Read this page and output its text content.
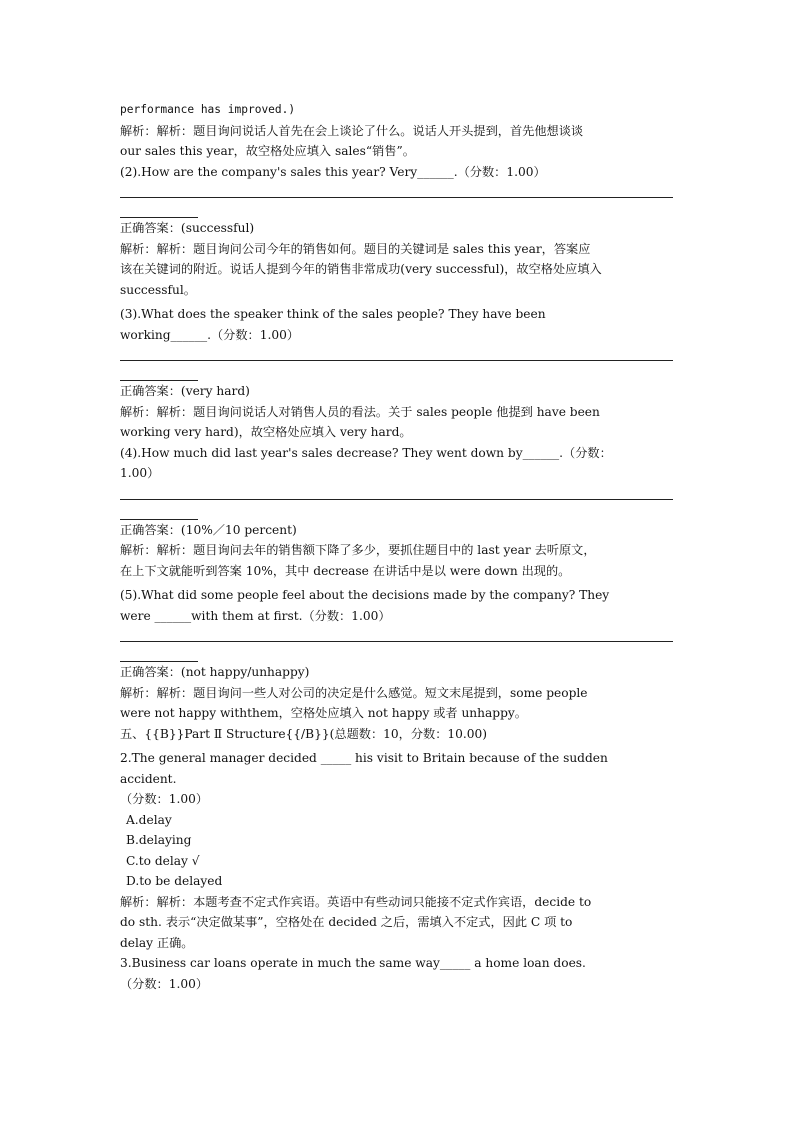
performance has improved.)
解析：解析：题目询问说话人首先在会上谈论了什么。说话人开头提到，首先他想谈谈
our sales this year，故空格处应填入 sales“销售”。
(2).How are the company's sales this year? Very______.（分数：1.00）
正确答案：(successful)
解析：解析：题目询问公司今年的销售如何。题目的关键词是 sales this year，答案应
该在关键词的附近。说话人提到今年的销售非常成功(very successful)，故空格处应填入
successful。
(3).What does the speaker think of the sales people? They have been
working______.（分数：1.00）
正确答案：(very hard)
解析：解析：题目询问说话人对销售人员的看法。关于 sales people 他提到 have been
working very hard)，故空格处应填入 very hard。
(4).How much did last year's sales decrease? They went down by______.（分数：
1.00）
正确答案：(10%／10 percent)
解析：解析：题目询问去年的销售额下降了多少，要抓住题目中的 last year 去听原文，
在上下文就能听到答案 10%，其中 decrease 在讲话中是以 were down 出现的。
(5).What did some people feel about the decisions made by the company? They
were ______with them at first.（分数：1.00）
正确答案：(not happy/unhappy)
解析：解析：题目询问一些人对公司的决定是什么感觉。短文末尾提到，some people
were not happy withthem，空格处应填入 not happy 或者 unhappy。
五、{{B}}Part Ⅱ Structure{{/B}}(总题数：10，分数：10.00)
2.The general manager decided _____ his visit to Britain because of the sudden
accident.
（分数：1.00）
A.delay
B.delaying
C.to delay √
D.to be delayed
解析：解析：本题考查不定式作宾语。英语中有些动词只能接不定式作宾语，decide to
do sth. 表示“决定做某事”，空格处在 decided 之后，需填入不定式，因此 C 项 to
delay 正确。
3.Business car loans operate in much the same way_____ a home loan does.
（分数：1.00）
